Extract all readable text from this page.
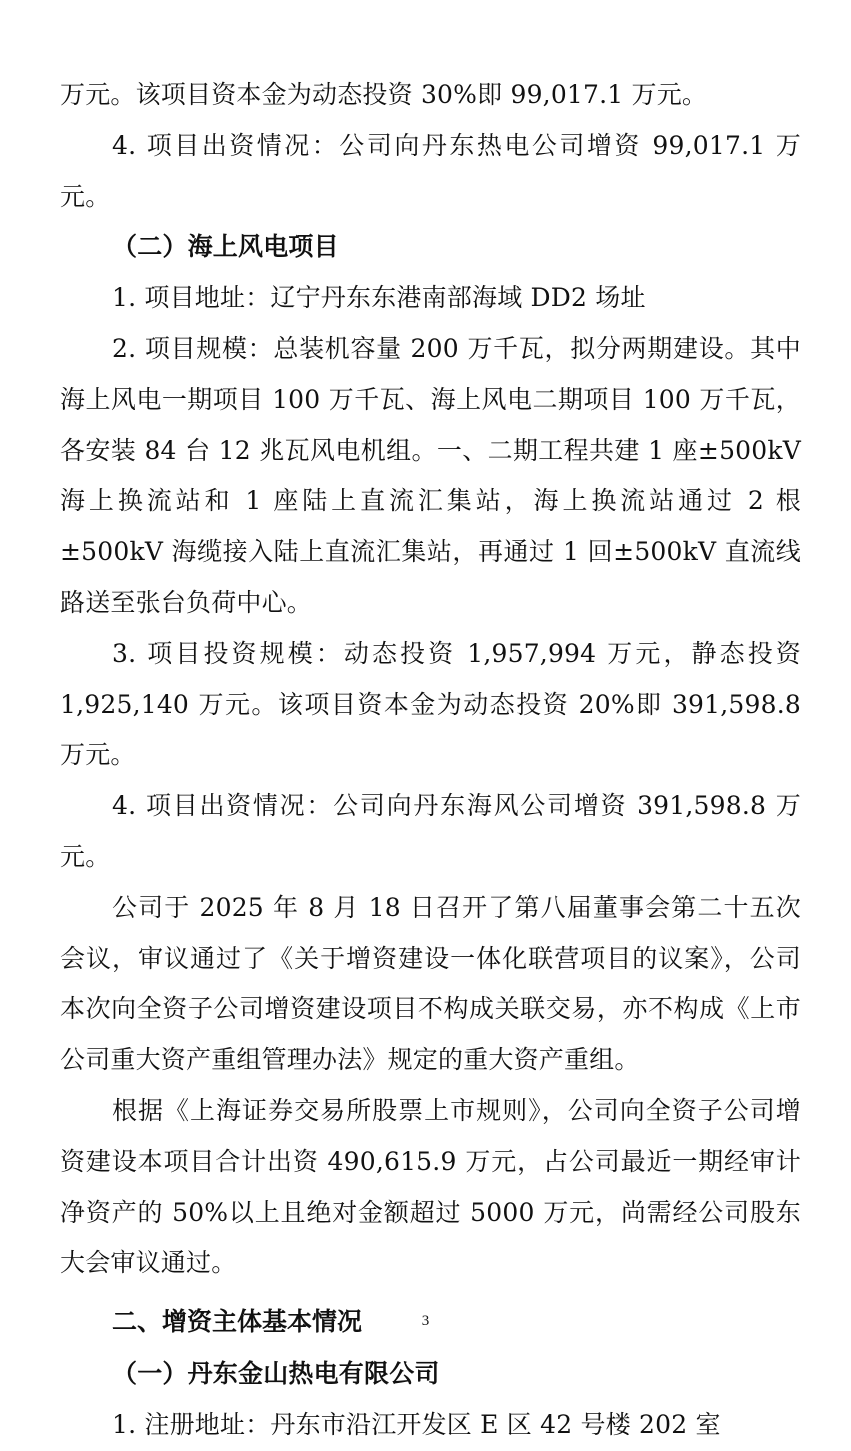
万元。该项目资本金为动态投资 30%即 99,017.1 万元。

4. 项目出资情况：公司向丹东热电公司增资 99,017.1 万元。

（二）海上风电项目

1. 项目地址：辽宁丹东东港南部海域 DD2 场址

2. 项目规模：总装机容量 200 万千瓦，拟分两期建设。其中海上风电一期项目 100 万千瓦、海上风电二期项目 100 万千瓦，各安装 84 台 12 兆瓦风电机组。一、二期工程共建 1 座±500kV 海上换流站和 1 座陆上直流汇集站，海上换流站通过 2 根±500kV 海缆接入陆上直流汇集站，再通过 1 回±500kV 直流线路送至张台负荷中心。

3. 项目投资规模：动态投资 1,957,994 万元，静态投资 1,925,140 万元。该项目资本金为动态投资 20%即 391,598.8 万元。

4. 项目出资情况：公司向丹东海风公司增资 391,598.8 万元。

公司于 2025 年 8 月 18 日召开了第八届董事会第二十五次会议，审议通过了《关于增资建设一体化联营项目的议案》，公司本次向全资子公司增资建设项目不构成关联交易，亦不构成《上市公司重大资产重组管理办法》规定的重大资产重组。

根据《上海证券交易所股票上市规则》，公司向全资子公司增资建设本项目合计出资 490,615.9 万元，占公司最近一期经审计净资产的 50%以上且绝对金额超过 5000 万元，尚需经公司股东大会审议通过。

二、增资主体基本情况

（一）丹东金山热电有限公司

1. 注册地址：丹东市沿江开发区 E 区 42 号楼 202 室

3
